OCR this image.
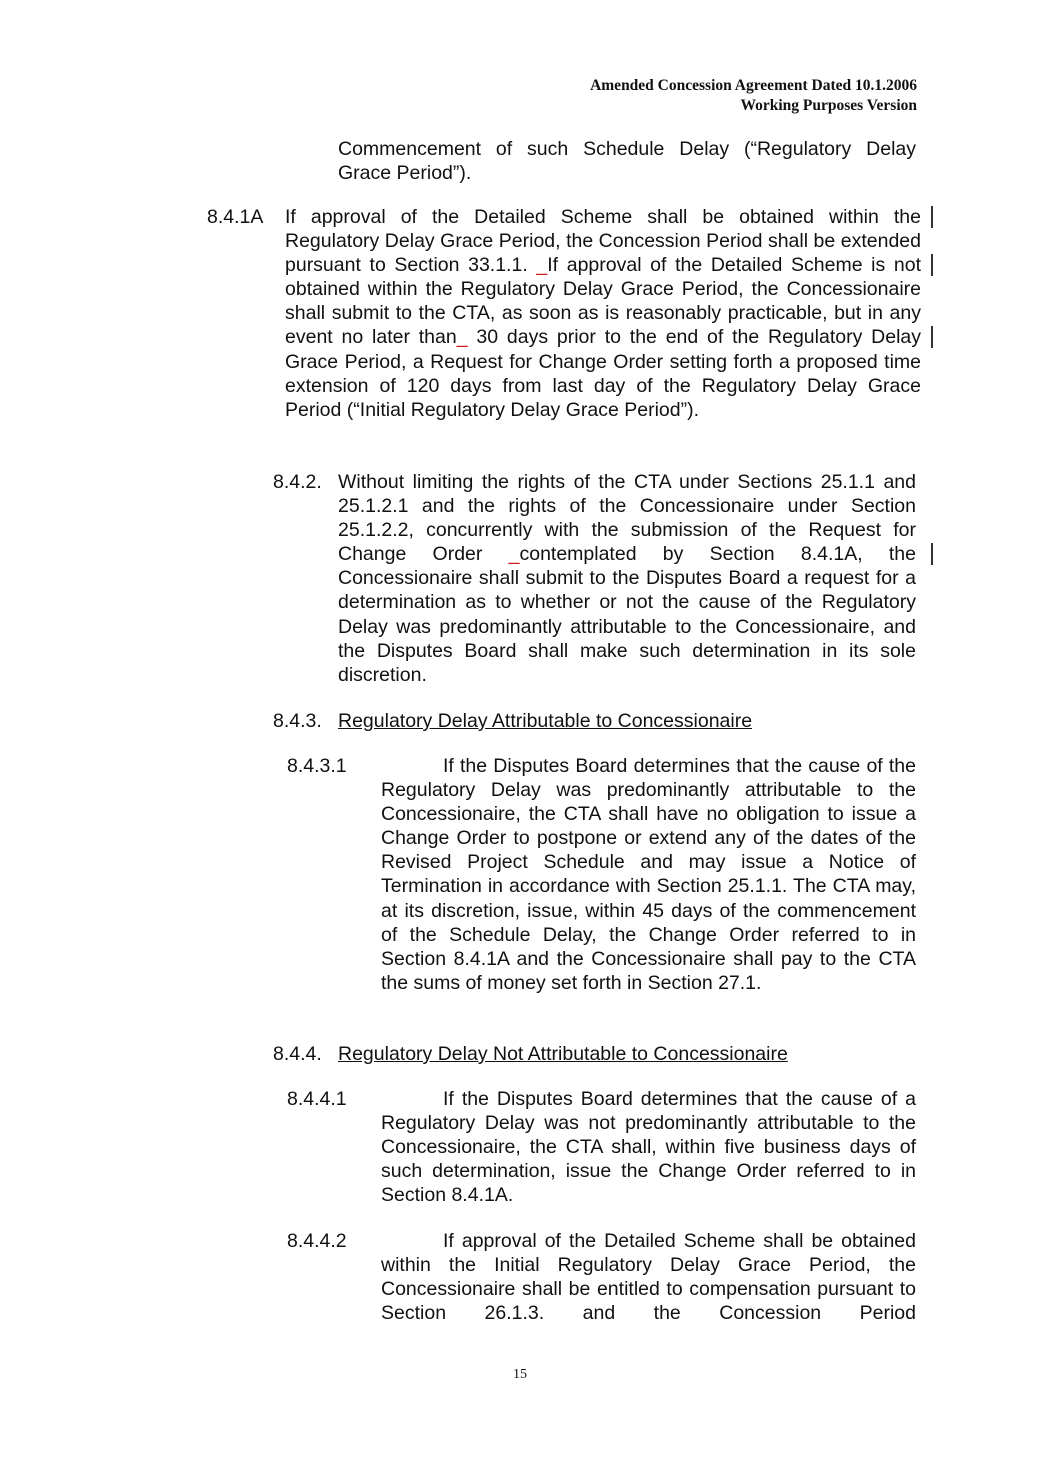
Amended Concession Agreement Dated 10.1.2006
Working Purposes Version
Commencement of such Schedule Delay (“Regulatory Delay Grace Period”).
8.4.1A If approval of the Detailed Scheme shall be obtained within the Regulatory Delay Grace Period, the Concession Period shall be extended pursuant to Section 33.1.1. _If approval of the Detailed Scheme is not obtained within the Regulatory Delay Grace Period, the Concessionaire shall submit to the CTA, as soon as is reasonably practicable, but in any event no later than_ 30 days prior to the end of the Regulatory Delay Grace Period, a Request for Change Order setting forth a proposed time extension of 120 days from last day of the Regulatory Delay Grace Period (“Initial Regulatory Delay Grace Period”).
8.4.2. Without limiting the rights of the CTA under Sections 25.1.1 and 25.1.2.1 and the rights of the Concessionaire under Section 25.1.2.2, concurrently with the submission of the Request for Change Order _contemplated by Section 8.4.1A, the Concessionaire shall submit to the Disputes Board a request for a determination as to whether or not the cause of the Regulatory Delay was predominantly attributable to the Concessionaire, and the Disputes Board shall make such determination in its sole discretion.
8.4.3. Regulatory Delay Attributable to Concessionaire
8.4.3.1	If the Disputes Board determines that the cause of the Regulatory Delay was predominantly attributable to the Concessionaire, the CTA shall have no obligation to issue a Change Order to postpone or extend any of the dates of the Revised Project Schedule and may issue a Notice of Termination in accordance with Section 25.1.1. The CTA may, at its discretion, issue, within 45 days of the commencement of the Schedule Delay, the Change Order referred to in Section 8.4.1A and the Concessionaire shall pay to the CTA the sums of money set forth in Section 27.1.
8.4.4. Regulatory Delay Not Attributable to Concessionaire
8.4.4.1	If the Disputes Board determines that the cause of a Regulatory Delay was not predominantly attributable to the Concessionaire, the CTA shall, within five business days of such determination, issue the Change Order referred to in Section 8.4.1A.
8.4.4.2	If approval of the Detailed Scheme shall be obtained within the Initial Regulatory Delay Grace Period, the Concessionaire shall be entitled to compensation pursuant to Section 26.1.3. and the Concession Period
15
